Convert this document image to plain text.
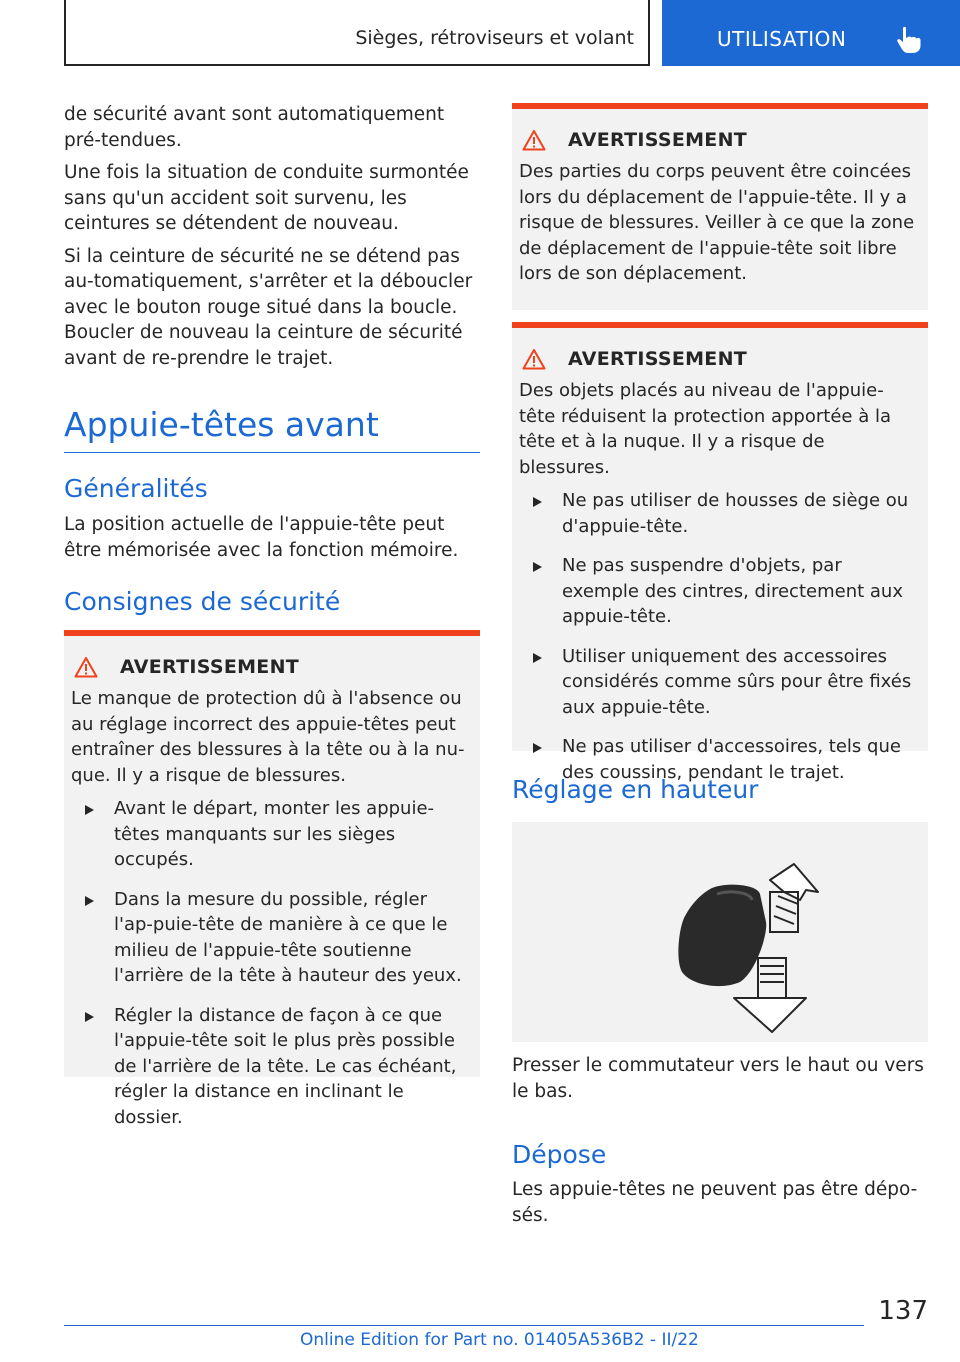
Sièges, rétroviseurs et volant	UTILISATION

de sécurité avant sont automatiquement pré-tendues.

Une fois la situation de conduite surmontée sans qu'un accident soit survenu, les ceintures se détendent de nouveau.

Si la ceinture de sécurité ne se détend pas au-tomatiquement, s'arrêter et la déboucler avec le bouton rouge situé dans la boucle. Boucler de nouveau la ceinture de sécurité avant de re-prendre le trajet.

Appuie-têtes avant
Généralités

La position actuelle de l'appuie-tête peut être mémorisée avec la fonction mémoire.

Consignes de sécurité
AVERTISSEMENT
Le manque de protection dû à l'absence ou au réglage incorrect des appuie-têtes peut entraîner des blessures à la tête ou à la nu-que. Il y a risque de blessures.
Avant le départ, monter les appuie-têtes manquants sur les sièges occupés.
Dans la mesure du possible, régler l'ap-puie-tête de manière à ce que le milieu de l'appuie-tête soutienne l'arrière de la tête à hauteur des yeux.
Régler la distance de façon à ce que l'appuie-tête soit le plus près possible de l'arrière de la tête. Le cas échéant, régler la distance en inclinant le dossier.
AVERTISSEMENT
Des parties du corps peuvent être coincées lors du déplacement de l'appuie-tête. Il y a risque de blessures. Veiller à ce que la zone de déplacement de l'appuie-tête soit libre lors de son déplacement.
AVERTISSEMENT
Des objets placés au niveau de l'appuie-tête réduisent la protection apportée à la tête et à la nuque. Il y a risque de blessures.
Ne pas utiliser de housses de siège ou d'appuie-tête.
Ne pas suspendre d'objets, par exemple des cintres, directement aux appuie-tête.
Utiliser uniquement des accessoires considérés comme sûrs pour être fixés aux appuie-tête.
Ne pas utiliser d'accessoires, tels que des coussins, pendant le trajet.
Réglage en hauteur

Presser le commutateur vers le haut ou vers le bas.

Dépose

Les appuie-têtes ne peuvent pas être dépo-sés.

137
Online Edition for Part no. 01405A536B2 - II/22
